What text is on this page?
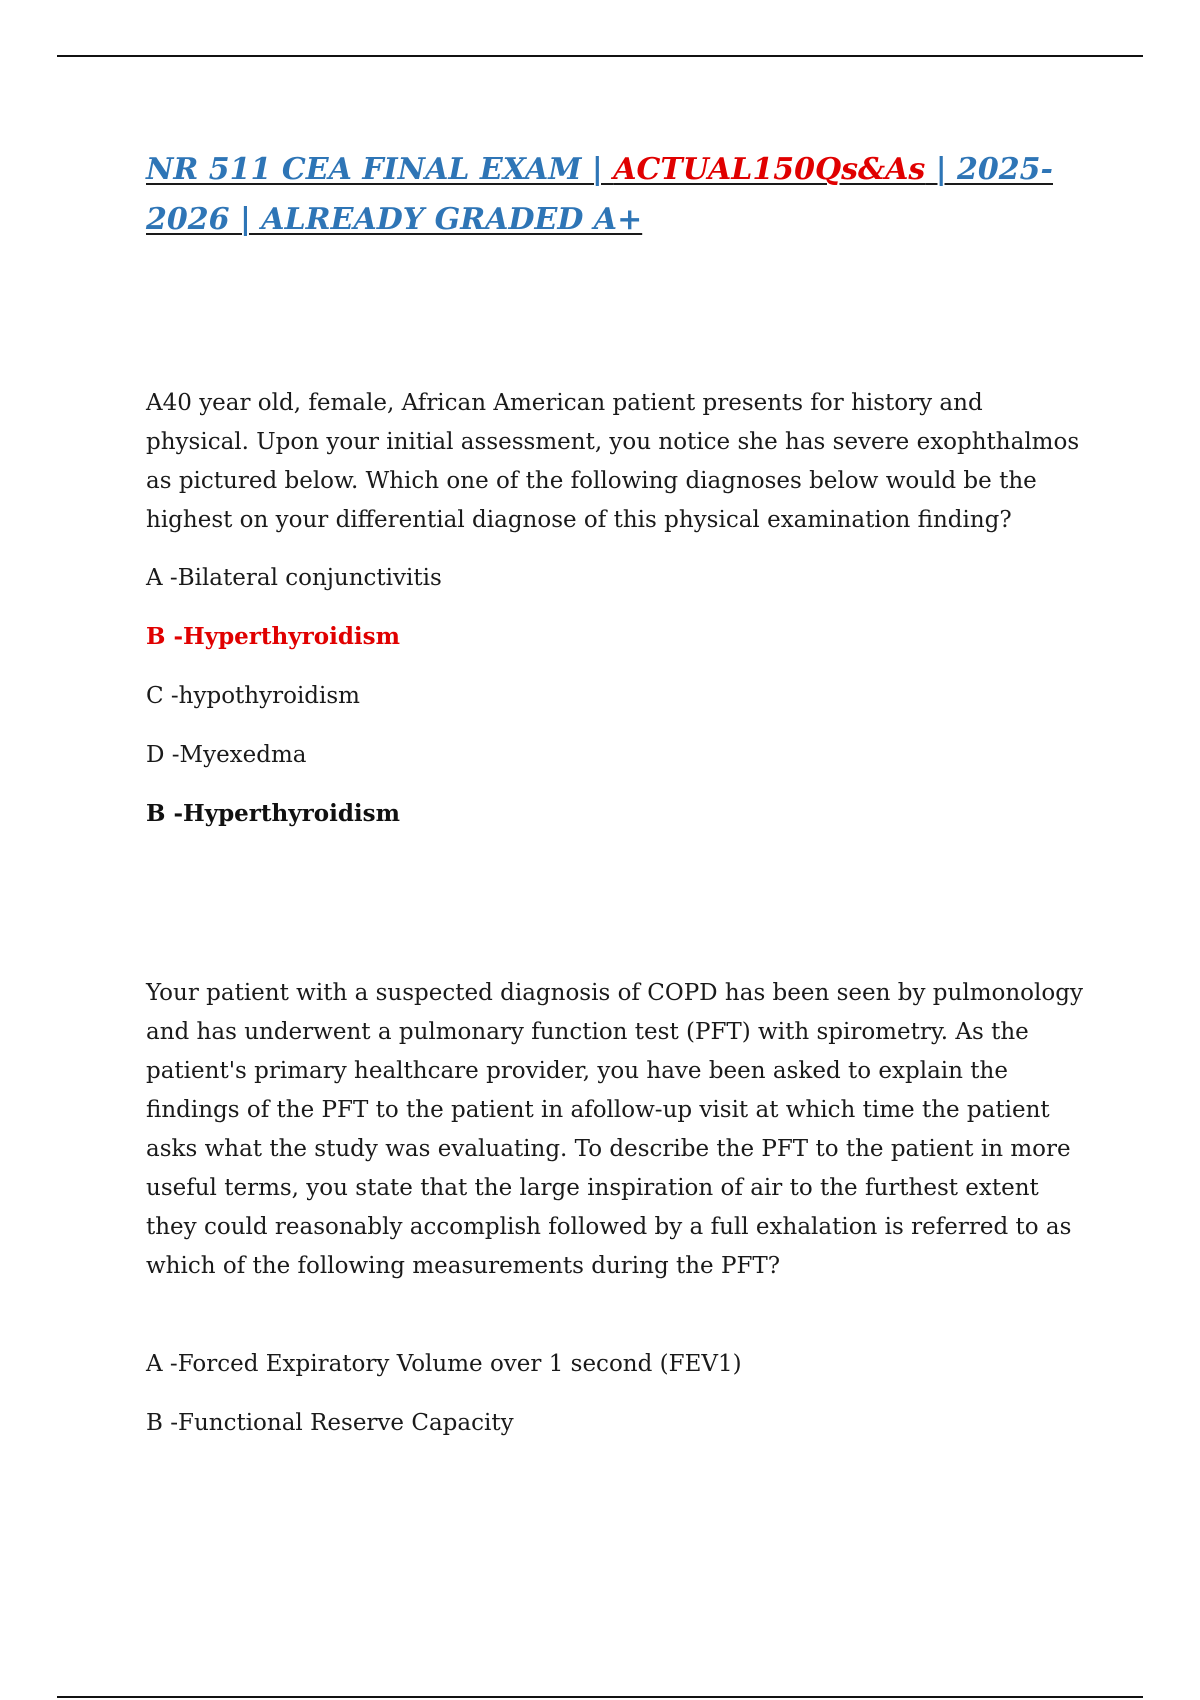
NR 511 CEA FINAL EXAM | ACTUAL150Qs&As | 2025-2026 | ALREADY GRADED A+

A40 year old, female, African American patient presents for history and physical. Upon your initial assessment, you notice she has severe exophthalmos as pictured below. Which one of the following diagnoses below would be the highest on your differential diagnose of this physical examination finding?

A -Bilateral conjunctivitis

B -Hyperthyroidism

C -hypothyroidism

D -Myexedma

B -Hyperthyroidism

Your patient with a suspected diagnosis of COPD has been seen by pulmonology and has underwent a pulmonary function test (PFT) with spirometry. As the patient's primary healthcare provider, you have been asked to explain the findings of the PFT to the patient in afollow-up visit at which time the patient asks what the study was evaluating. To describe the PFT to the patient in more useful terms, you state that the large inspiration of air to the furthest extent they could reasonably accomplish followed by a full exhalation is referred to as which of the following measurements during the PFT?

A -Forced Expiratory Volume over 1 second (FEV1)

B -Functional Reserve Capacity
